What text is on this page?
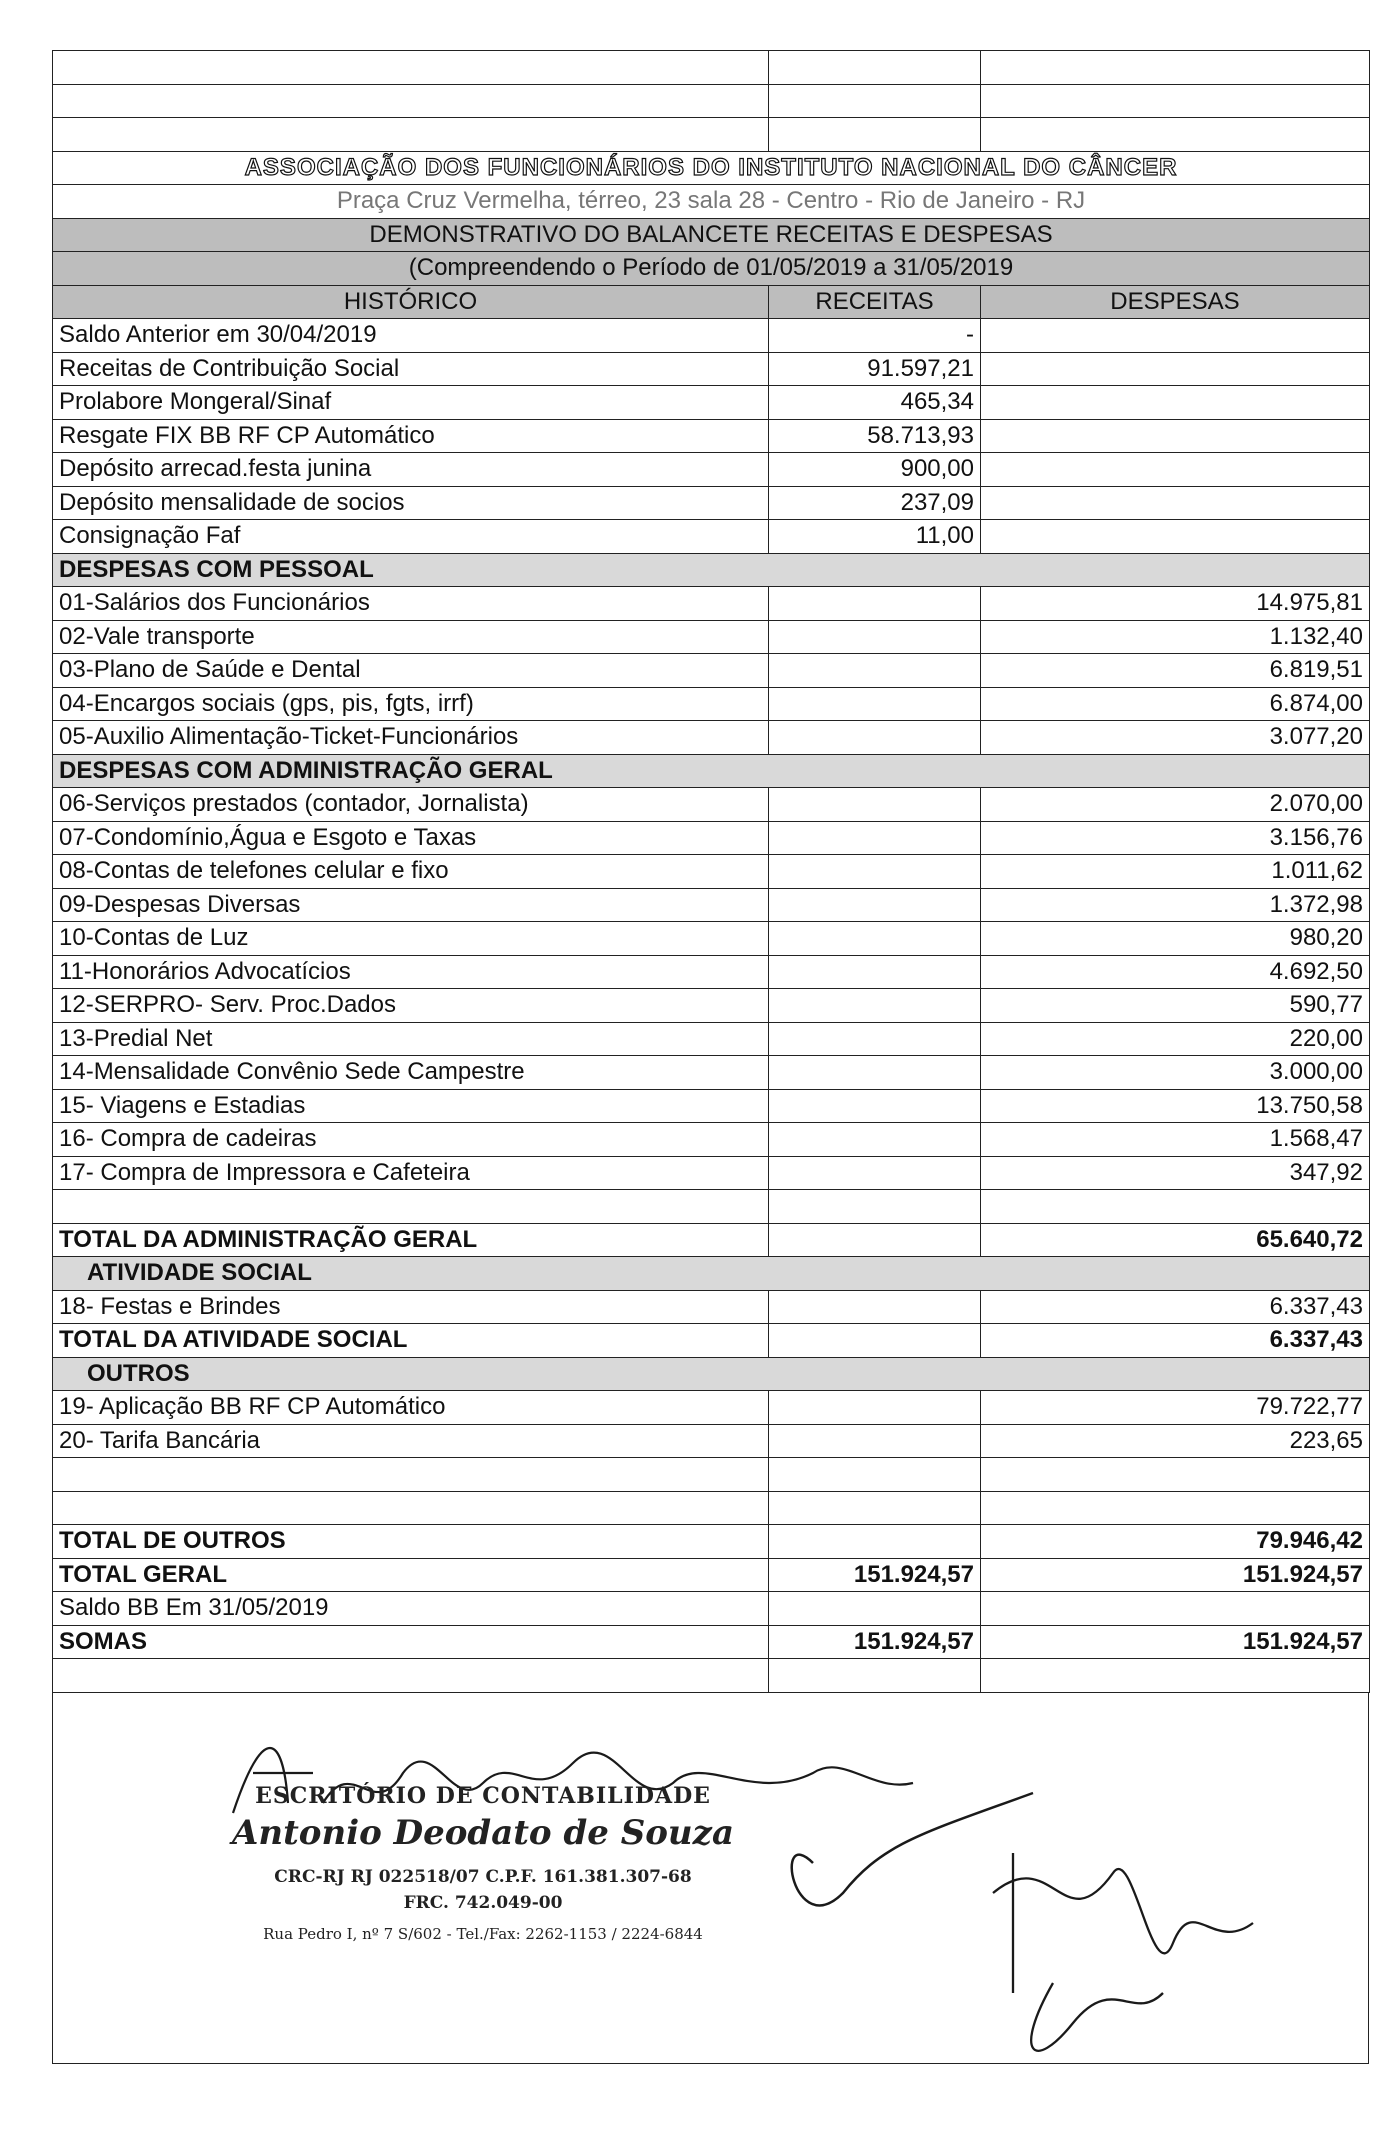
ASSOCIAÇÃO DOS FUNCIONÁRIOS DO INSTITUTO NACIONAL DO CÂNCER		
Praça Cruz Vermelha, térreo, 23 sala 28 - Centro - Rio de Janeiro - RJ		
DEMONSTRATIVO DO BALANCETE RECEITAS E DESPESAS		
(Compreendendo o Período de 01/05/2019 a 31/05/2019		
HISTÓRICO	RECEITAS	DESPESAS
Saldo Anterior em 30/04/2019	-	
Receitas de Contribuição Social	91.597,21	
Prolabore Mongeral/Sinaf	465,34	
Resgate FIX BB RF CP Automático	58.713,93	
Depósito arrecad.festa junina	900,00	
Depósito mensalidade de socios	237,09	
Consignação Faf	11,00	
DESPESAS COM PESSOAL		
01-Salários dos Funcionários		14.975,81
02-Vale transporte		1.132,40
03-Plano de Saúde e Dental		6.819,51
04-Encargos sociais (gps, pis, fgts, irrf)		6.874,00
05-Auxilio Alimentação-Ticket-Funcionários		3.077,20
DESPESAS COM ADMINISTRAÇÃO GERAL		
06-Serviços prestados (contador, Jornalista)		2.070,00
07-Condomínio,Água e Esgoto e Taxas		3.156,76
08-Contas de telefones celular e fixo		1.011,62
09-Despesas Diversas		1.372,98
10-Contas de Luz		980,20
11-Honorários Advocatícios		4.692,50
12-SERPRO- Serv. Proc.Dados		590,77
13-Predial Net		220,00
14-Mensalidade Convênio Sede Campestre		3.000,00
15- Viagens e Estadias		13.750,58
16- Compra de cadeiras		1.568,47
17- Compra de Impressora e Cafeteira		347,92

TOTAL DA ADMINISTRAÇÃO GERAL		65.640,72
ATIVIDADE SOCIAL		
18- Festas e Brindes		6.337,43
TOTAL DA ATIVIDADE SOCIAL		6.337,43
OUTROS		
19- Aplicação BB RF CP Automático		79.722,77
20- Tarifa Bancária		223,65

TOTAL DE OUTROS		79.946,42
TOTAL GERAL	151.924,57	151.924,57
Saldo BB Em 31/05/2019		
SOMAS	151.924,57	151.924,57

ESCRITÓRIO DE CONTABILIDADE
Antonio Deodato de Souza
CRC-RJ RJ 022518/07 C.P.F. 161.381.307-68
FRC. 742.049-00
Rua Pedro I, nº 7 S/602 - Tel./Fax: 2262-1153 / 2224-6844
